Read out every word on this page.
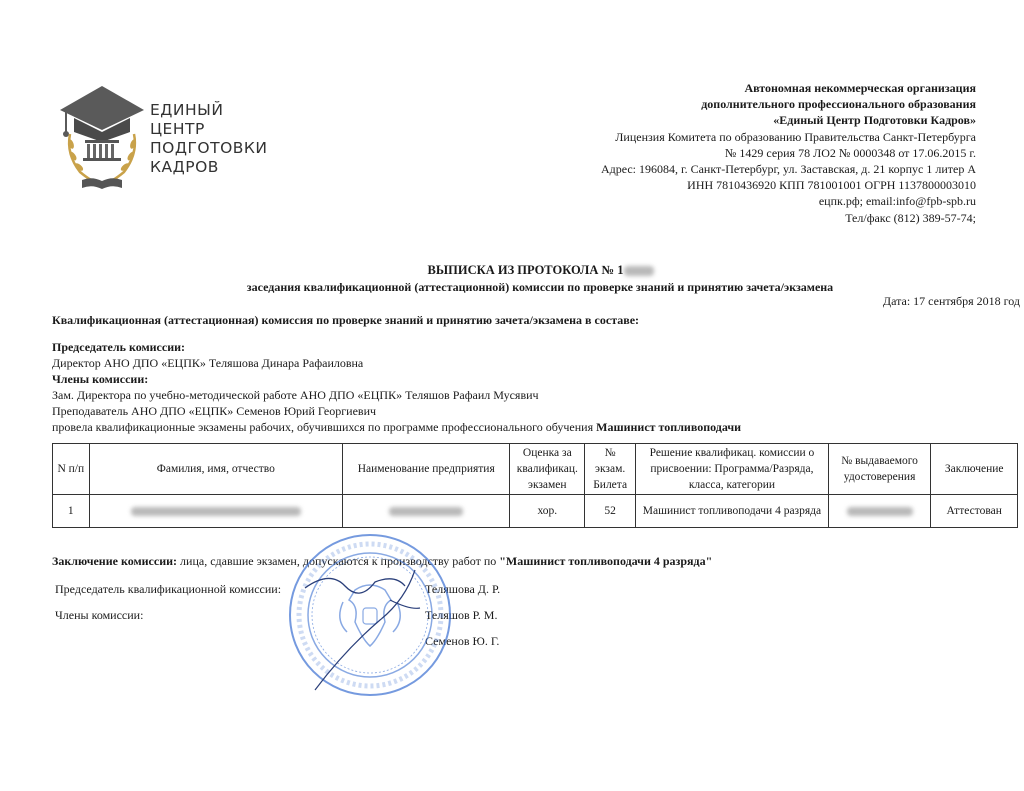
ЕДИНЫЙ
ЦЕНТР
ПОДГОТОВКИ
КАДРОВ
Автономная некоммерческая организация
дополнительного профессионального образования
«Единый Центр Подготовки Кадров»
Лицензия Комитета по образованию Правительства Санкт-Петербурга
№ 1429 серия 78 ЛО2 № 0000348 от 17.06.2015 г.
Адрес: 196084, г. Санкт-Петербург, ул. Заставская, д. 21 корпус 1 литер А
ИНН 7810436920 КПП 781001001 ОГРН 1137800003010
ецпк.рф; email:info@fpb-spb.ru
Тел/факс (812) 389-57-74;
ВЫПИСКА ИЗ ПРОТОКОЛА № 1
заседания квалификационной (аттестационной) комиссии по проверке знаний и принятию зачета/экзамена
Дата: 17 сентября 2018 год
Квалификационная (аттестационная) комиссия по проверке знаний и принятию зачета/экзамена в составе:
Председатель комиссии:
Директор АНО ДПО «ЕЦПК» Теляшова Динара Рафаиловна
Члены комиссии:
Зам. Директора по учебно-методической работе АНО ДПО «ЕЦПК» Теляшов Рафаил Мусявич
Преподаватель АНО ДПО «ЕЦПК» Семенов Юрий Георгиевич
провела квалификационные экзамены рабочих, обучившихся по программе профессионального обучения Машинист топливоподачи
N п/п	Фамилия, имя, отчество	Наименование предприятия	Оценка за квалификац. экзамен	№ экзам. Билета	Решение квалификац. комиссии о присвоении: Программа/Разряда, класса, категории	№ выдаваемого удостоверения	Заключение
1			хор.	52	Машинист топливоподачи 4 разряда		Аттестован
Заключение комиссии: лица, сдавшие экзамен, допускаются к производству работ по "Машинист топливоподачи 4 разряда"
Председатель квалификационной комиссии:	Теляшова Д. Р.
Члены комиссии:	Теляшов Р. М.
Семенов Ю. Г.
